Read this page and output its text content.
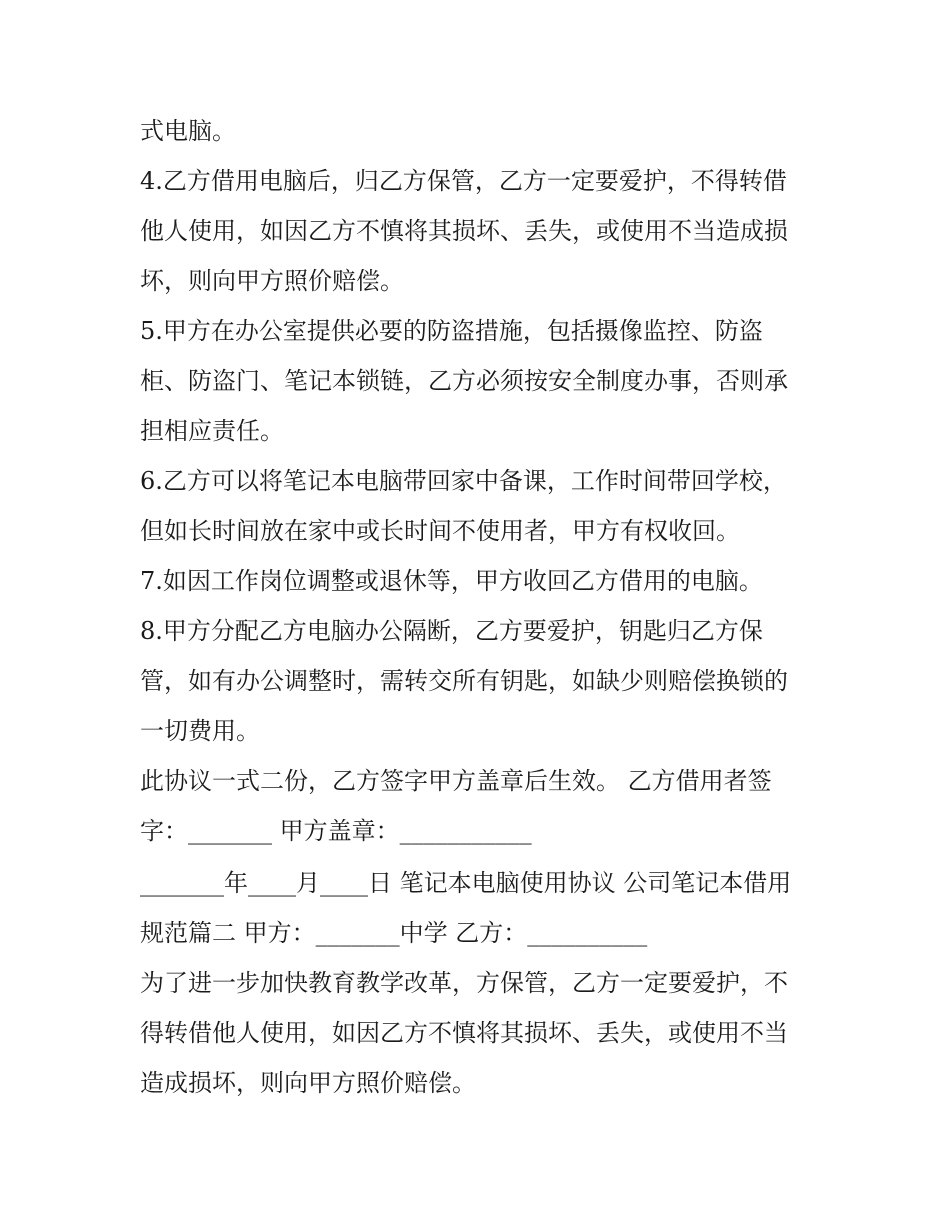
式电脑。
4.乙方借用电脑后，归乙方保管，乙方一定要爱护，不得转借
他人使用，如因乙方不慎将其损坏、丢失，或使用不当造成损
坏，则向甲方照价赔偿。
5.甲方在办公室提供必要的防盗措施，包括摄像监控、防盗
柜、防盗门、笔记本锁链，乙方必须按安全制度办事，否则承
担相应责任。
6.乙方可以将笔记本电脑带回家中备课，工作时间带回学校，
但如长时间放在家中或长时间不使用者，甲方有权收回。
7.如因工作岗位调整或退休等，甲方收回乙方借用的电脑。
8.甲方分配乙方电脑办公隔断，乙方要爱护，钥匙归乙方保
管，如有办公调整时，需转交所有钥匙，如缺少则赔偿换锁的
一切费用。
此协议一式二份，乙方签字甲方盖章后生效。 乙方借用者签
字：_______ 甲方盖章：___________
_______年____月____日 笔记本电脑使用协议 公司笔记本借用
规范篇二 甲方：_______中学 乙方：__________
为了进一步加快教育教学改革，方保管，乙方一定要爱护，不
得转借他人使用，如因乙方不慎将其损坏、丢失，或使用不当
造成损坏，则向甲方照价赔偿。
